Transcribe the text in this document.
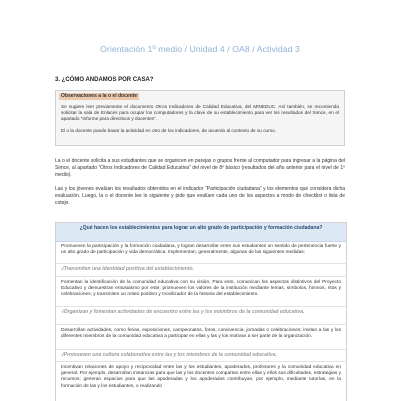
Orientación 1º medio / Unidad 4 / OA8 / Actividad 3
3. ¿CÓMO ANDAMOS POR CASA?
Observaciones a la o el docente
Se sugiere leer previamente el documento Otros Indicadores de Calidad Educativa, del MINEDUC. Así también, se recomienda solicitar la sala de Enlaces para ocupar los computadores y la clave de su establecimiento para ver los resultados del Simce, en el apartado “Informe para directivos y docentes”.
El o la docente puede basar la actividad en otro de los indicadores, de acuerdo al contexto de su curso.
La o el docente solicita a sus estudiantes que se organicen en parejas o grupos frente al computador para ingresar a la página del Simce, al apartado “Otros Indicadores de Calidad Educativa” del nivel de 8º básico (resultados del año anterior para el nivel de 1º medio).
Las y los jóvenes evalúan los resultados obtenidos en el indicador “Participación ciudadana” y los elementos que considera dicha evaluación. Luego, la o el docente lee lo siguiente y pide que evalúen cada uno de los aspectos a modo de checklist o lista de cotejo.
¿Qué hacen los establecimientos para lograr un alto grado de participación y formación ciudadana?
Promueven la participación y la formación ciudadana, y logran desarrollar entre sus estudiantes un sentido de pertenencia fuerte y un alto grado de participación y vida democrática. Implementan, generalmente, algunas de las siguientes medidas:
√Transmiten una identidad positiva del establecimiento.
Fomentan la identificación de la comunidad educativa con su visión. Para esto, comunican los aspectos distintivos del Proyecto Educativo y demuestran entusiasmo por este; promueven los valores de la institución mediante lemas, símbolos, himnos, ritos y celebraciones, y transmiten un relato positivo y movilizador de la historia del establecimiento.
√Organizan y fomentan actividades de encuentro entre las y los miembros de la comunidad educativa.
Desarrollan actividades, como ferias, exposiciones, campeonatos, foros, convivencia, jornadas o celebraciones; invitan a las y los diferentes miembros de la comunidad educativa a participar en ellas y las y los motivan a ser parte de la organización.
√Promueven una cultura colaborativa entre las y los miembros de la comunidad educativa.
Incentivan relaciones de apoyo y reciprocidad entre las y los estudiantes, apoderados, profesores y la comunidad educativa en general. Por ejemplo, desarrollan instancias para que las y los docentes compartan entre ellas y ellos sus dificultades, estrategias y recursos; generan espacios para que las apoderadas y los apoderados contribuyan, por ejemplo, mediante tutorías, en la formación de las y los estudiantes, o realizando
